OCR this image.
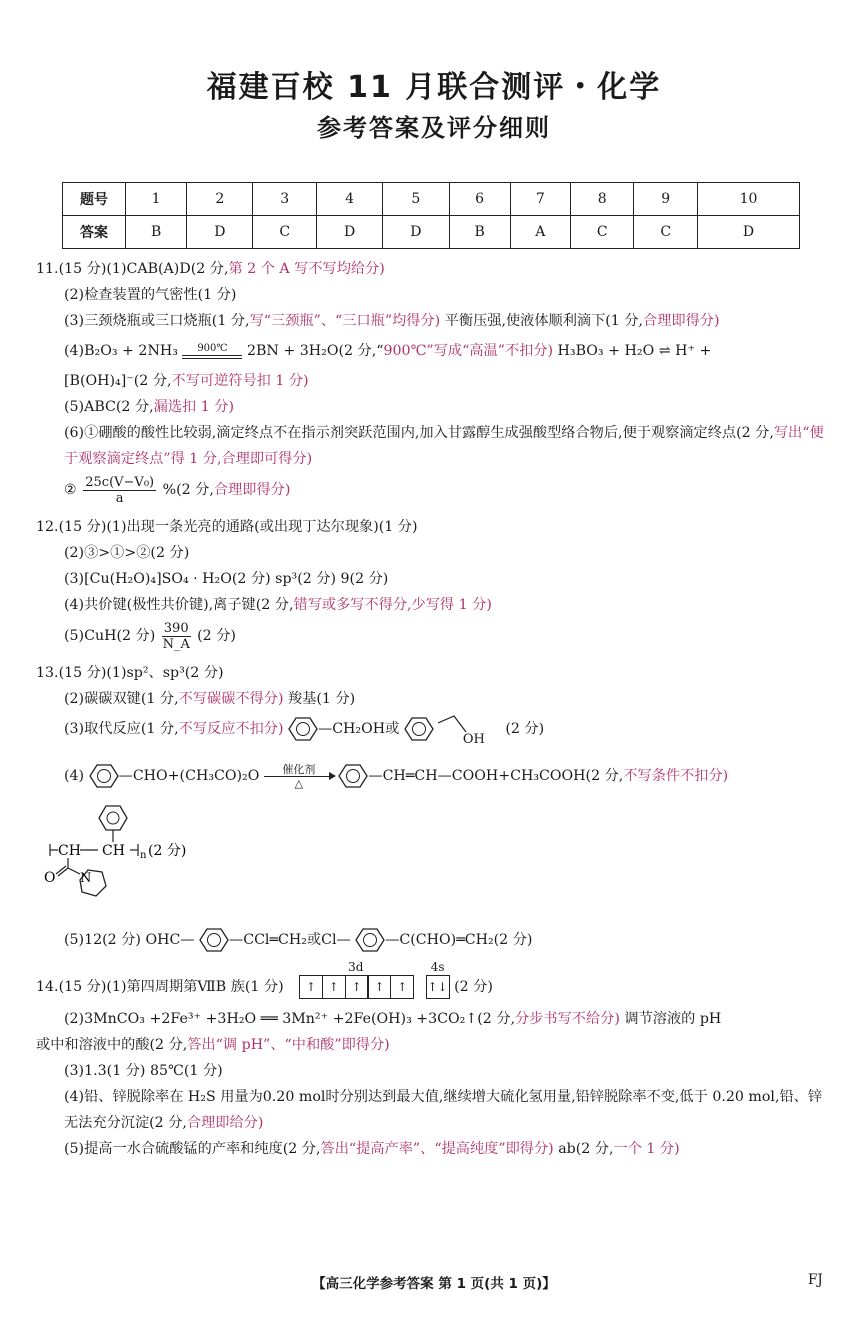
福建百校 11 月联合测评・化学
参考答案及评分细则
题号	1	2	3	4	5	6	7	8	9	10
答案	B	D	C	D	D	B	A	C	C	D
11.(15 分)(1)CAB(A)D(2 分,第 2 个 A 写不写均给分)
(2)检查装置的气密性(1 分)
(3)三颈烧瓶或三口烧瓶(1 分,写“三颈瓶”、“三口瓶”均得分) 平衡压强,使液体顺利滴下(1 分,合理即得分)
(4)B₂O₃ + 2NH₃	900℃	2BN + 3H₂O(2 分,“900℃”写成“高温”不扣分) H₃BO₃ + H₂O ⇌ H⁺ +
[B(OH)₄]⁻(2 分,不写可逆符号扣 1 分)
(5)ABC(2 分,漏选扣 1 分)
(6)①硼酸的酸性比较弱,滴定终点不在指示剂突跃范围内,加入甘露醇生成强酸型络合物后,便于观察滴定终点(2 分,写出“便于观察滴定终点”得 1 分,合理即可得分)
② $\frac{\text{25c(V−V₀)}}{a} \%(2$ 分,合理即得分)
12.(15 分)(1)出现一条光亮的通路(或出现丁达尔现象)(1 分)
(2)③>①>②(2 分)
(3)[Cu(H₂O)₄]SO₄ · H₂O(2 分) sp³(2 分) 9(2 分)
(4)共价键(极性共价键),离子键(2 分,错写或多写不得分,少写得 1 分)
(5)CuH(2 分) $\frac{390}{N\_A} (2$ 分)
13.(15 分)(1)sp²、sp³(2 分)
(2)碳碳双键(1 分,不写碳碳不得分) 羧基(1 分)
(3)取代反应(1 分,不写反应不扣分) —CH₂OH或   OH (2 分)
(4) —CHO+(CH₃CO)₂O 催化剂
△	—CH═CH—COOH+CH₃COOH(2 分,不写条件不扣分)
CH CH n (2 分)
O N
(5)12(2 分) OHC— —CCl═CH₂或Cl— —C(CHO)═CH₂(2 分)
14.(15 分)(1)第四周期第ⅦB 族(1 分)
3d
↑ ↑ ↑ ↑ ↑
4s
↑↓ (2 分)
(2)3MnCO₃ +2Fe³⁺ +3H₂O ══ 3Mn²⁺ +2Fe(OH)₃ +3CO₂↑(2 分,分步书写不给分) 调节溶液的 pH
或中和溶液中的酸(2 分,答出“调 pH”、“中和酸”即得分)
(3)1.3(1 分) 85℃(1 分)
(4)铅、锌脱除率在 H₂S 用量为0.20 mol时分别达到最大值,继续增大硫化氢用量,铅锌脱除率不变,低于 0.20 mol,铅、锌无法充分沉淀(2 分,合理即给分)
(5)提高一水合硫酸锰的产率和纯度(2 分,答出“提高产率”、“提高纯度”即得分) ab(2 分,一个 1 分)
【高三化学参考答案 第 1 页(共 1 页)】	FJ
